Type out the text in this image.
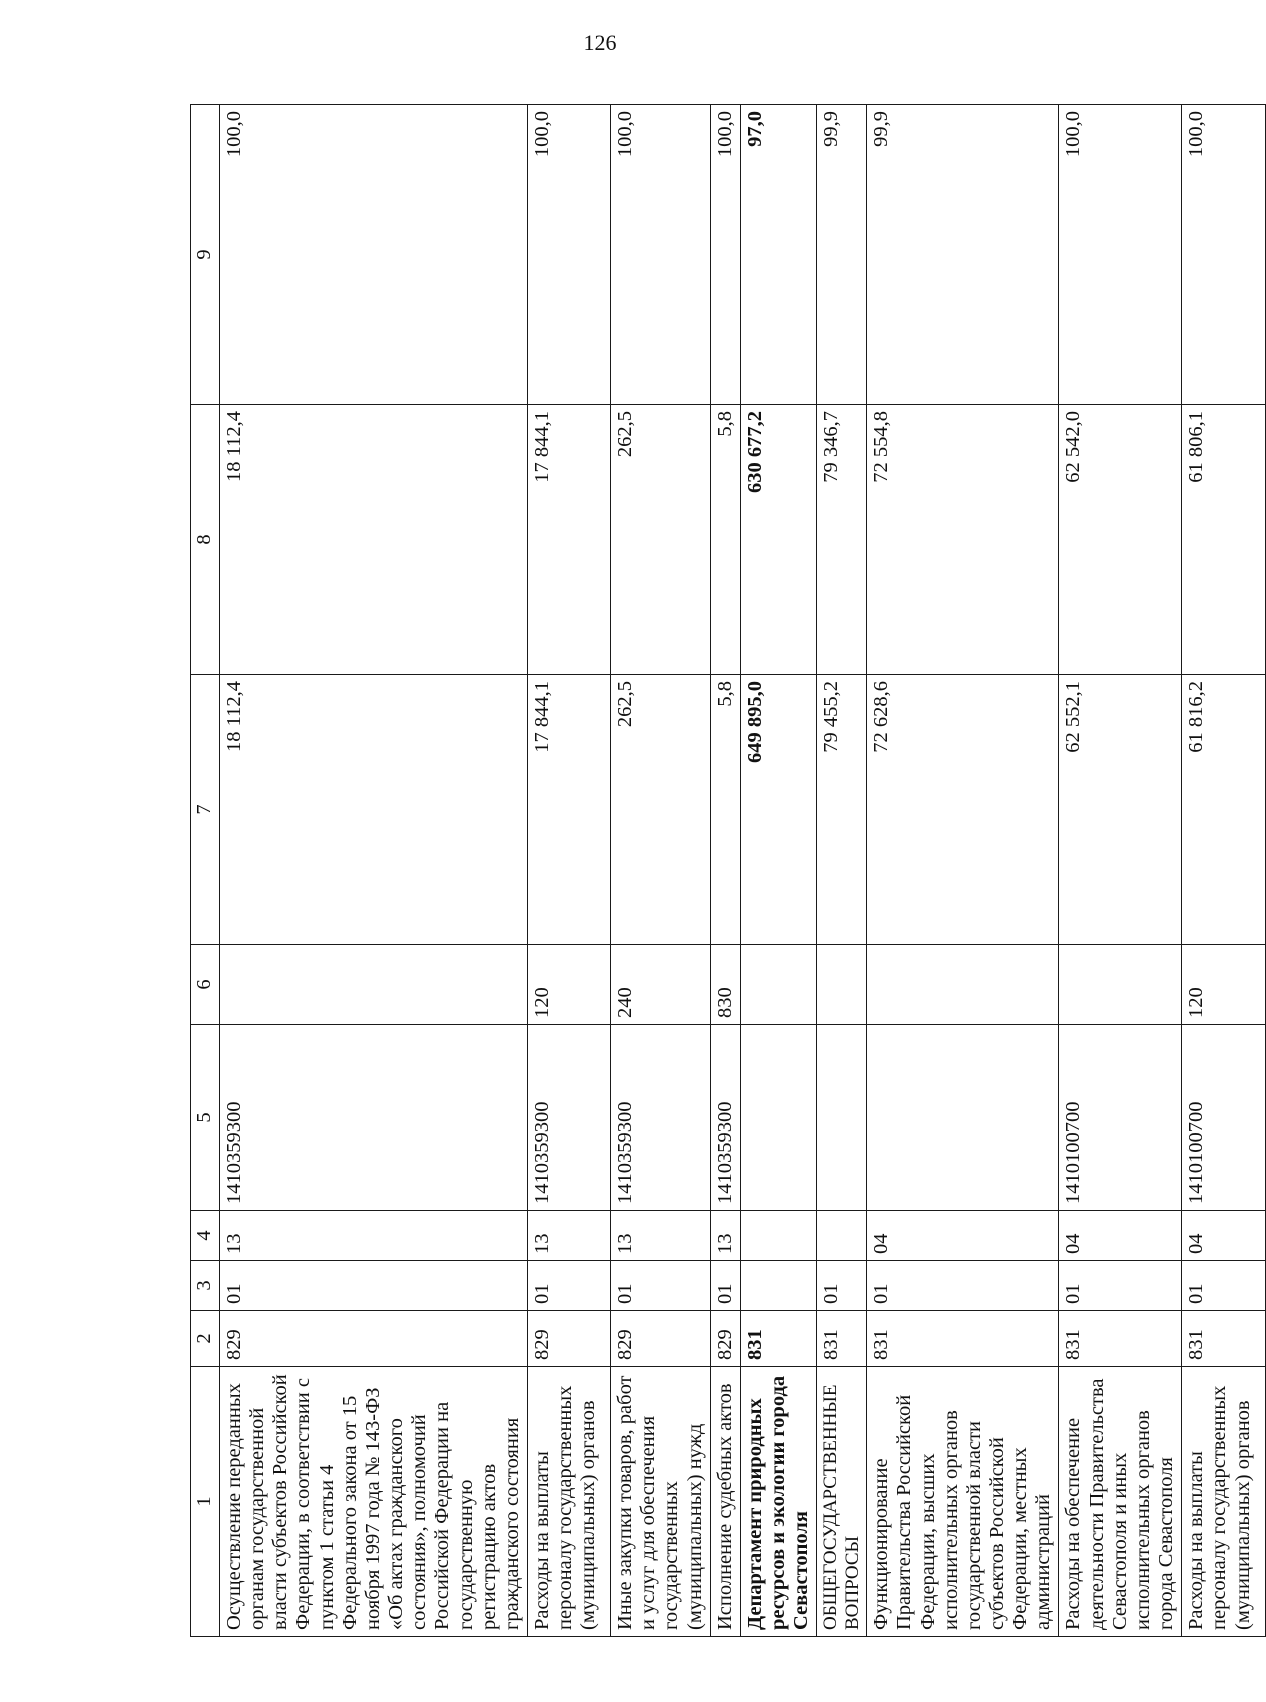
126
1	2	3	4	5	6	7	8	9
Осуществление переданных органам государственной власти субъектов Российской Федерации, в соответствии с пунктом 1 статьи 4 Федерального закона от 15 ноября 1997 года № 143-ФЗ «Об актах гражданского состояния», полномочий Российской Федерации на государственную регистрацию актов гражданского состояния	829	01	13	1410359300		18 112,4	18 112,4	100,0
Расходы на выплаты персоналу государственных (муниципальных) органов	829	01	13	1410359300	120	17 844,1	17 844,1	100,0
Иные закупки товаров, работ и услуг для обеспечения государственных (муниципальных) нужд	829	01	13	1410359300	240	262,5	262,5	100,0
Исполнение судебных актов	829	01	13	1410359300	830	5,8	5,8	100,0
Департамент природных ресурсов и экологии города Севастополя	831					649 895,0	630 677,2	97,0
ОБЩЕГОСУДАРСТВЕННЫЕ ВОПРОСЫ	831	01				79 455,2	79 346,7	99,9
Функционирование Правительства Российской Федерации, высших исполнительных органов государственной власти субъектов Российской Федерации, местных администраций	831	01	04			72 628,6	72 554,8	99,9
Расходы на обеспечение деятельности Правительства Севастополя и иных исполнительных органов города Севастополя	831	01	04	1410100700		62 552,1	62 542,0	100,0
Расходы на выплаты персоналу государственных (муниципальных) органов	831	01	04	1410100700	120	61 816,2	61 806,1	100,0
